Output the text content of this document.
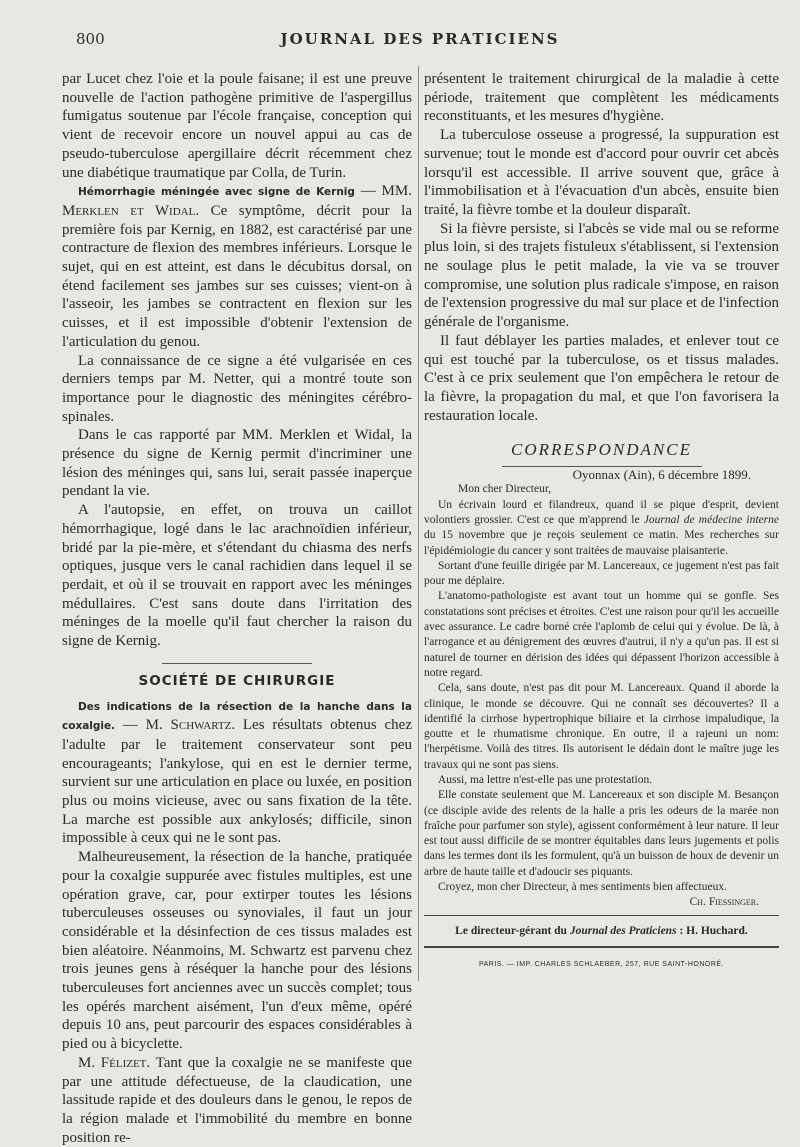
800	JOURNAL DES PRATICIENS

par Lucet chez l'oie et la poule faisane; il est une preuve nouvelle de l'action pathogène primitive de l'aspergillus fumigatus soutenue par l'école française, conception qui vient de recevoir encore un nouvel appui au cas de pseudo-tuberculose apergillaire décrit récemment chez une diabétique traumatique par Colla, de Turin.

Hémorrhagie méningée avec signe de Kernig — MM. Merklen et Widal. Ce symptôme, décrit pour la première fois par Kernig, en 1882, est caractérisé par une contracture de flexion des membres inférieurs. Lorsque le sujet, qui en est atteint, est dans le décubitus dorsal, on étend facilement ses jambes sur ses cuisses; vient-on à l'asseoir, les jambes se contractent en flexion sur les cuisses, et il est impossible d'obtenir l'extension de l'articulation du genou.

La connaissance de ce signe a été vulgarisée en ces derniers temps par M. Netter, qui a montré toute son importance pour le diagnostic des méningites cérébro-spinales.

Dans le cas rapporté par MM. Merklen et Widal, la présence du signe de Kernig permit d'incriminer une lésion des méninges qui, sans lui, serait passée inaperçue pendant la vie.

A l'autopsie, en effet, on trouva un caillot hémorrhagique, logé dans le lac arachnoïdien inférieur, bridé par la pie-mère, et s'étendant du chiasma des nerfs optiques, jusque vers le canal rachidien dans lequel il se perdait, et où il se trouvait en rapport avec les méninges médullaires. C'est sans doute dans l'irritation des méninges de la moelle qu'il faut chercher la raison du signe de Kernig.

SOCIÉTÉ DE CHIRURGIE

Des indications de la résection de la hanche dans la coxalgie. — M. Schwartz. Les résultats obtenus chez l'adulte par le traitement conservateur sont peu encourageants; l'ankylose, qui en est le dernier terme, survient sur une articulation en place ou luxée, en position plus ou moins vicieuse, avec ou sans fixation de la tête. La marche est possible aux ankylosés; difficile, sinon impossible à ceux qui ne le sont pas.

Malheureusement, la résection de la hanche, pratiquée pour la coxalgie suppurée avec fistules multiples, est une opération grave, car, pour extirper toutes les lésions tuberculeuses osseuses ou synoviales, il faut un jour considérable et la désinfection de ces tissus malades est bien aléatoire. Néanmoins, M. Schwartz est parvenu chez trois jeunes gens à réséquer la hanche pour des lésions tuberculeuses fort anciennes avec un succès complet; tous les opérés marchent aisément, l'un d'eux même, opéré depuis 10 ans, peut parcourir des espaces considérables à pied ou à bicyclette.

M. Félizet. Tant que la coxalgie ne se manifeste que par une attitude défectueuse, de la claudication, une lassitude rapide et des douleurs dans le genou, le repos de la région malade et l'immobilité du membre en bonne position re-

présentent le traitement chirurgical de la maladie à cette période, traitement que complètent les médicaments reconstituants, et les mesures d'hygiène.

La tuberculose osseuse a progressé, la suppuration est survenue; tout le monde est d'accord pour ouvrir cet abcès lorsqu'il est accessible. Il arrive souvent que, grâce à l'immobilisation et à l'évacuation d'un abcès, ensuite bien traité, la fièvre tombe et la douleur disparaît.

Si la fièvre persiste, si l'abcès se vide mal ou se reforme plus loin, si des trajets fistuleux s'établissent, si l'extension ne soulage plus le petit malade, la vie va se trouver compromise, une solution plus radicale s'impose, en raison de l'extension progressive du mal sur place et de l'infection générale de l'organisme.

Il faut déblayer les parties malades, et enlever tout ce qui est touché par la tuberculose, os et tissus malades. C'est à ce prix seulement que l'on empêchera le retour de la fièvre, la propagation du mal, et que l'on favorisera la restauration locale.

CORRESPONDANCE

Oyonnax (Ain), 6 décembre 1899.

Mon cher Directeur,

Un écrivain lourd et filandreux, quand il se pique d'esprit, devient volontiers grossier. C'est ce que m'apprend le Journal de médecine interne du 15 novembre que je reçois seulement ce matin. Mes recherches sur l'épidémiologie du cancer y sont traitées de mauvaise plaisanterie.

Sortant d'une feuille dirigée par M. Lancereaux, ce jugement n'est pas fait pour me déplaire.

L'anatomo-pathologiste est avant tout un homme qui se gonfle. Ses constatations sont précises et étroites. C'est une raison pour qu'il les accueille avec assurance. Le cadre borné crée l'aplomb de celui qui y évolue. De là, à l'arrogance et au dénigrement des œuvres d'autrui, il n'y a qu'un pas. Il est si naturel de tourner en dérision des idées qui dépassent l'horizon accessible à notre regard.

Cela, sans doute, n'est pas dit pour M. Lancereaux. Quand il aborde la clinique, le monde se découvre. Qui ne connaît ses découvertes? Il a identifié la cirrhose hypertrophique biliaire et la cirrhose impaludique, la goutte et le rhumatisme chronique. En outre, il a rajeuni un nom: l'herpétisme. Voilà des titres. Ils autorisent le dédain dont le maître juge les travaux qui ne sont pas siens.

Aussi, ma lettre n'est-elle pas une protestation.

Elle constate seulement que M. Lancereaux et son disciple M. Besançon (ce disciple avide des relents de la halle a pris les odeurs de la marée non fraîche pour parfumer son style), agissent conformément à leur nature. Il leur est tout aussi difficile de se montrer équitables dans leurs jugements et polis dans les termes dont ils les formulent, qu'à un buisson de houx de devenir un arbre de haute taille et d'adoucir ses piquants.

Croyez, mon cher Directeur, à mes sentiments bien affectueux.

Ch. Fiessinger.

Le directeur-gérant du Journal des Praticiens : H. Huchard.

PARIS. — IMP. CHARLES SCHLAEBER, 257, RUE SAINT-HONORÉ.
